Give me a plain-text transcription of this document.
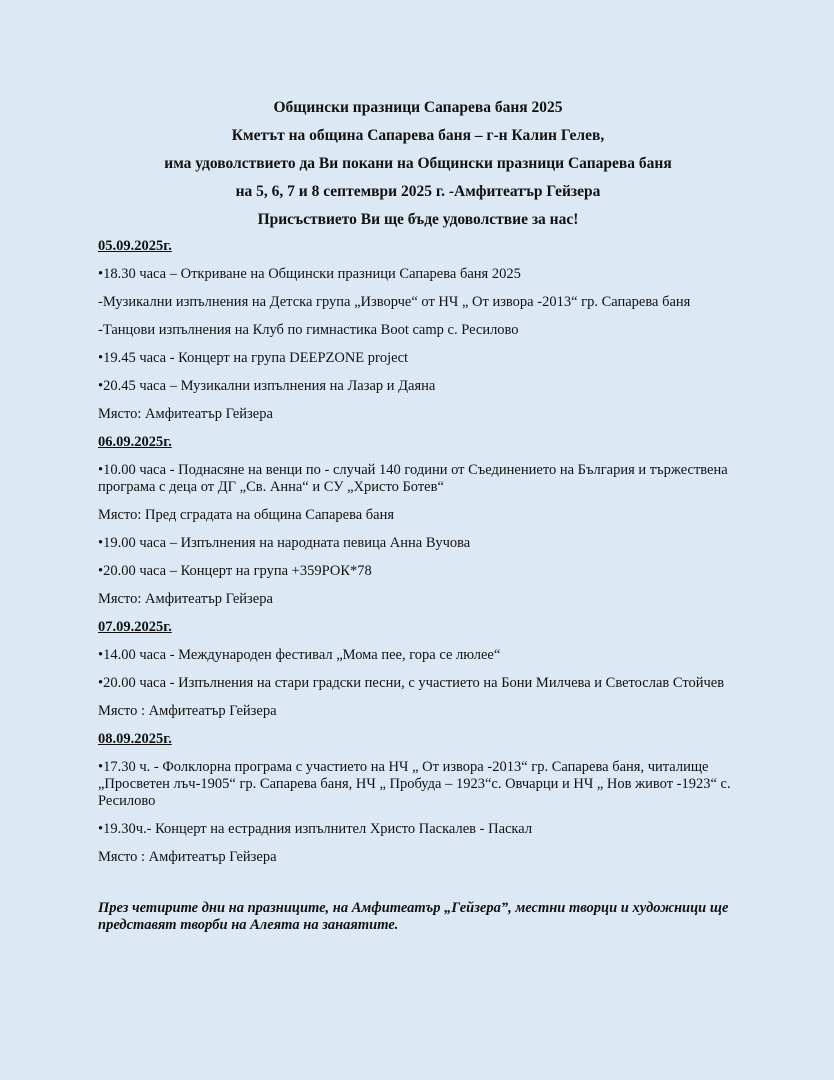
Общински празници Сапарева баня 2025
Кметът на община Сапарева баня – г-н Калин Гелев,
има удоволствието да Ви покани на Общински празници Сапарева баня
на 5, 6, 7 и 8 септември 2025 г. -Амфитеатър Гейзера
Присъствието Ви ще бъде удоволствие за нас!
05.09.2025г.
•18.30 часа – Откриване на Общински празници Сапарева баня 2025
-Музикални изпълнения на Детска група „Изворче“ от НЧ „ От извора -2013“ гр. Сапарева баня
-Танцови изпълнения на Клуб по гимнастика Boot camp с. Ресилово
•19.45 часа - Концерт на група DEEPZONE project
•20.45 часа – Музикални изпълнения на Лазар и Даяна
Място: Амфитеатър Гейзера
06.09.2025г.
•10.00 часа - Поднасяне на венци по - случай 140 години от Съединението на България и тържествена програма с деца от ДГ „Св. Анна“ и СУ „Христо Ботев“
Място: Пред сградата на община Сапарева баня
•19.00 часа – Изпълнения на народната певица Анна Вучова
•20.00 часа – Концерт на група +359РОК*78
Място: Амфитеатър Гейзера
07.09.2025г.
•14.00 часа - Международен фестивал „Мома пее, гора се люлее“
•20.00 часа - Изпълнения на стари градски песни, с участието на Бони Милчева и Светослав Стойчев
Място : Амфитеатър Гейзера
08.09.2025г.
•17.30 ч. - Фолклорна програма с участието на НЧ „ От извора -2013“ гр. Сапарева баня, читалище „Просветен лъч-1905“ гр. Сапарева баня, НЧ „ Пробуда – 1923“с. Овчарци и НЧ „ Нов живот -1923“ с. Ресилово
•19.30ч.- Концерт на естрадния изпълнител Христо Паскалев - Паскал
Място : Амфитеатър Гейзера
През четирите дни на празниците, на Амфитеатър „Гейзера”, местни творци и художници ще представят творби на Алеята на занаятите.
